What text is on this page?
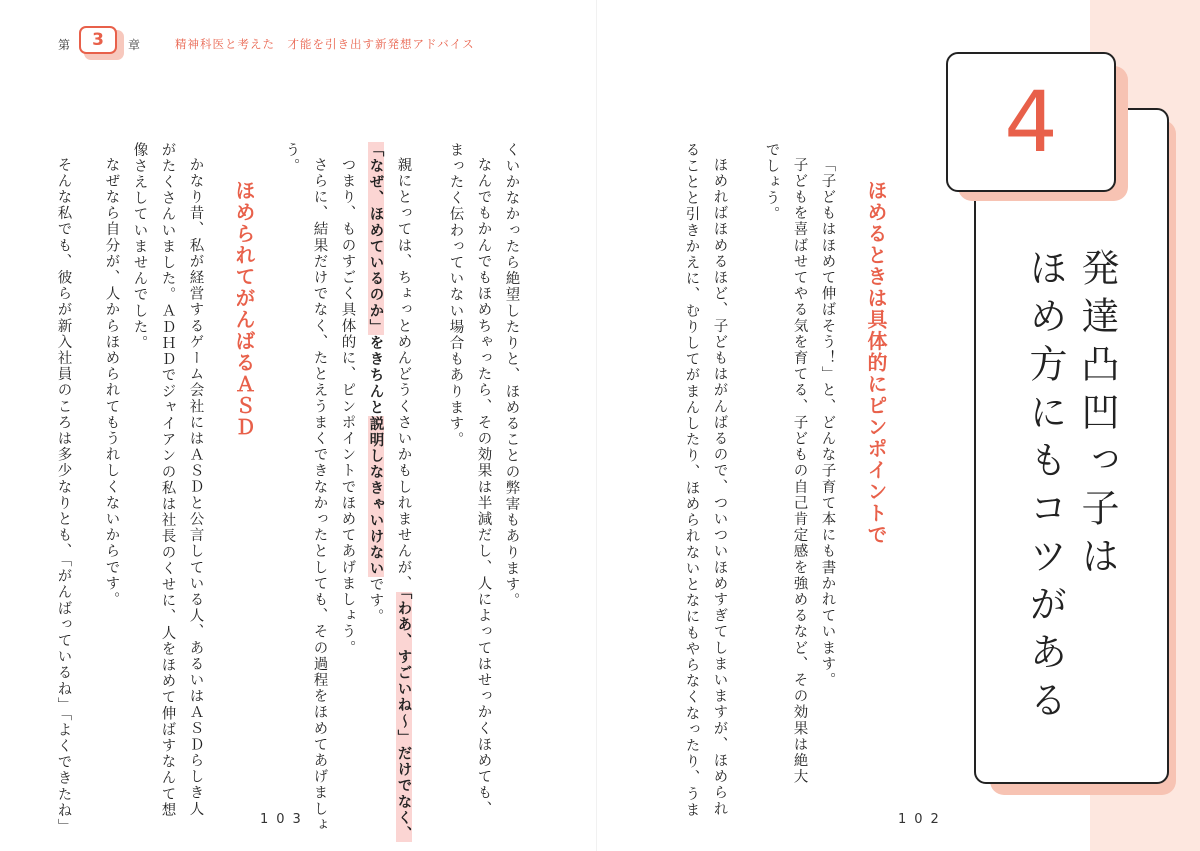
第 3 章	精神科医と考えた　才能を引き出す新発想アドバイス
発達凸凹っ子は
ほめ方にもコツがある
4
ほめるときは具体的にピンポイントで
「子どもはほめて伸ばそう！」と、どんな子育て本にも書かれています。
子どもを喜ばせてやる気を育てる、子どもの自己肯定感を強めるなど、その効果は絶大
でしょう。
ほめればほめるほど、子どもはがんばるので、ついついほめすぎてしまいますが、ほめられ
ることと引きかえに、むりしてがまんしたり、ほめられないとなにもやらなくなったり、うま
102
くいかなかったら絶望したりと、ほめることの弊害もあります。
なんでもかんでもほめちゃったら、その効果は半減だし、人によってはせっかくほめても、
まったく伝わっていない場合もあります。
親にとっては、ちょっとめんどうくさいかもしれませんが、「わあ、すごいね〜」だけでなく、
「なぜ、ほめているのか」をきちんと説明しなきゃいけないです。
つまり、ものすごく具体的に、ピンポイントでほめてあげましょう。
さらに、結果だけでなく、たとえうまくできなかったとしても、その過程をほめてあげましょ
う。
ほめられてがんばるＡＳＤ
かなり昔、私が経営するゲーム会社にはＡＳＤと公言している人、あるいはＡＳＤらしき人
がたくさんいました。ＡＤＨＤでジャイアンの私は社長のくせに、人をほめて伸ばすなんて想
像さえしていませんでした。
なぜなら自分が、人からほめられてもうれしくないからです。
そんな私でも、彼らが新入社員のころは多少なりとも、「がんばっているね」「よくできたね」	103
